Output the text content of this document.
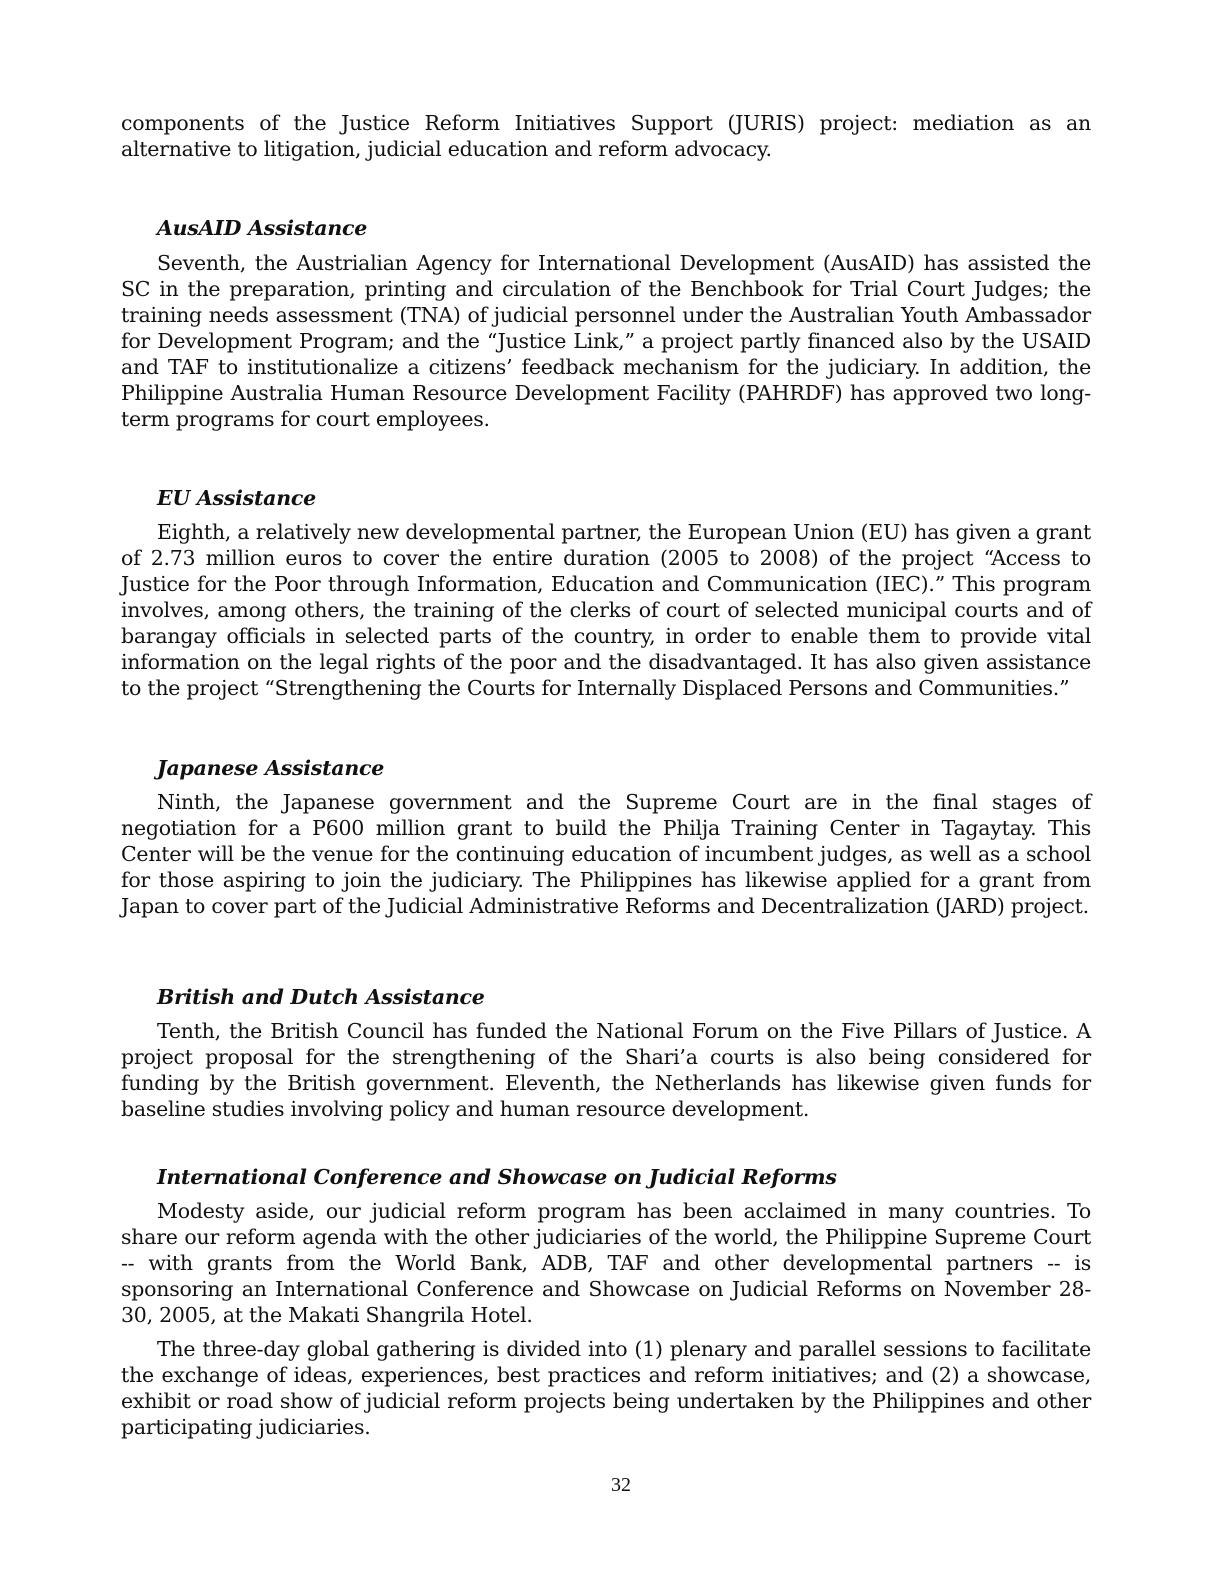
components of the Justice Reform Initiatives Support (JURIS) project: mediation as an alternative to litigation, judicial education and reform advocacy.

AusAID Assistance

Seventh, the Austrialian Agency for International Development (AusAID) has assisted the SC in the preparation, printing and circulation of the Benchbook for Trial Court Judges; the training needs assessment (TNA) of judicial personnel under the Australian Youth Ambassador for Development Program; and the “Justice Link,” a project partly financed also by the USAID and TAF to institutionalize a citizens’ feedback mechanism for the judiciary. In addition, the Philippine Australia Human Resource Development Facility (PAHRDF) has approved two long-term programs for court employees.

EU Assistance

Eighth, a relatively new developmental partner, the European Union (EU) has given a grant of 2.73 million euros to cover the entire duration (2005 to 2008) of the project “Access to Justice for the Poor through Information, Education and Communication (IEC).” This program involves, among others, the training of the clerks of court of selected municipal courts and of barangay officials in selected parts of the country, in order to enable them to provide vital information on the legal rights of the poor and the disadvantaged. It has also given assistance to the project “Strengthening the Courts for Internally Displaced Persons and Communities.”

Japanese Assistance

Ninth, the Japanese government and the Supreme Court are in the final stages of negotiation for a P600 million grant to build the Philja Training Center in Tagaytay. This Center will be the venue for the continuing education of incumbent judges, as well as a school for those aspiring to join the judiciary. The Philippines has likewise applied for a grant from Japan to cover part of the Judicial Administrative Reforms and Decentralization (JARD) project.

British and Dutch Assistance

Tenth, the British Council has funded the National Forum on the Five Pillars of Justice. A project proposal for the strengthening of the Shari’a courts is also being considered for funding by the British government. Eleventh, the Netherlands has likewise given funds for baseline studies involving policy and human resource development.

International Conference and Showcase on Judicial Reforms

Modesty aside, our judicial reform program has been acclaimed in many countries. To share our reform agenda with the other judiciaries of the world, the Philippine Supreme Court -- with grants from the World Bank, ADB, TAF and other developmental partners -- is sponsoring an International Conference and Showcase on Judicial Reforms on November 28- 30, 2005, at the Makati Shangrila Hotel.

The three-day global gathering is divided into (1) plenary and parallel sessions to facilitate the exchange of ideas, experiences, best practices and reform initiatives; and (2) a showcase, exhibit or road show of judicial reform projects being undertaken by the Philippines and other participating judiciaries.

32
